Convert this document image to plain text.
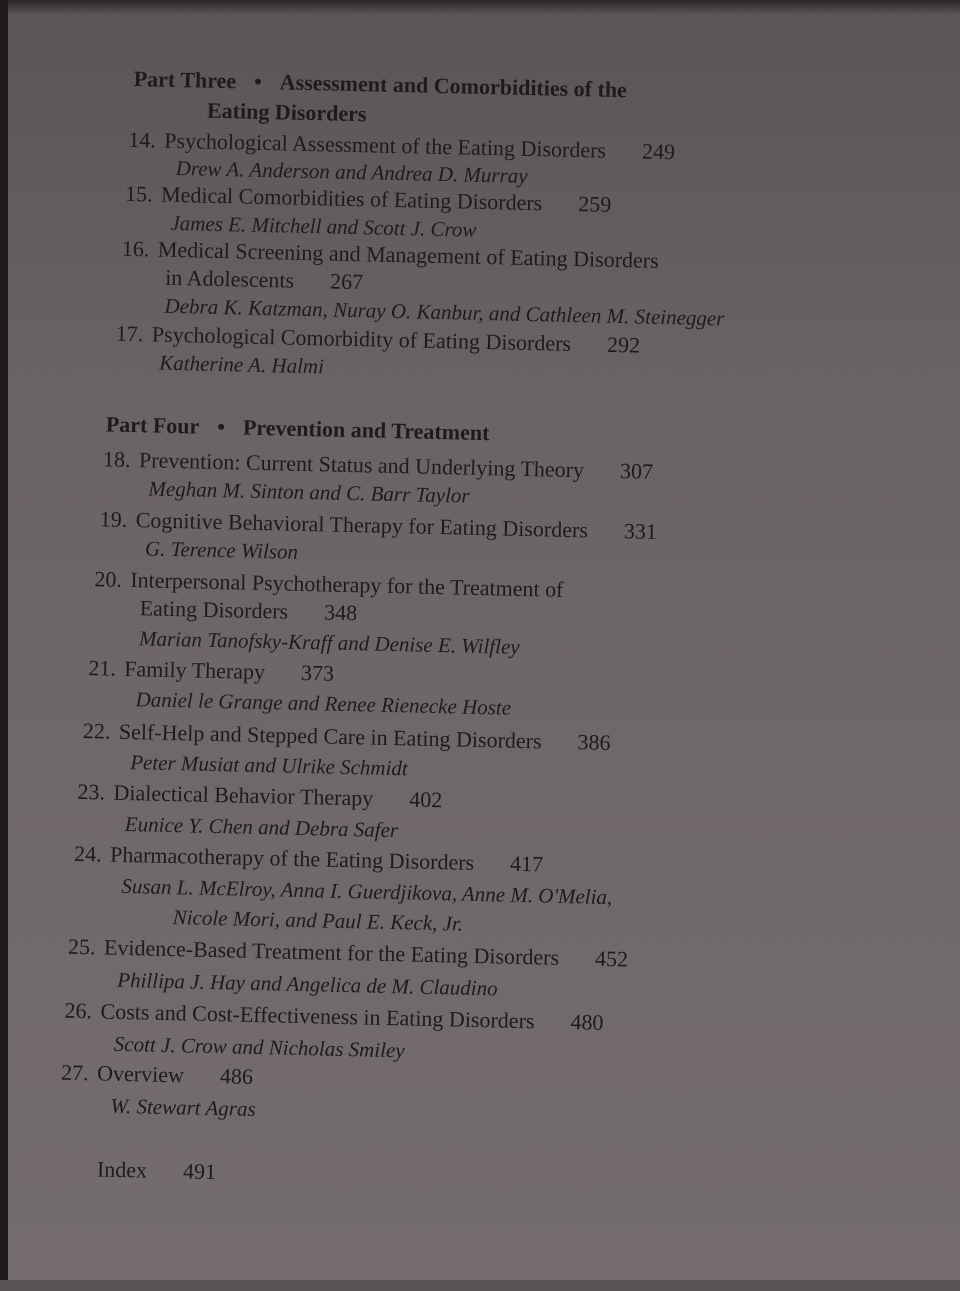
Part Three • Assessment and Comorbidities of the
Eating Disorders
14. Psychological Assessment of the Eating Disorders 249
Drew A. Anderson and Andrea D. Murray
15. Medical Comorbidities of Eating Disorders 259
James E. Mitchell and Scott J. Crow
16. Medical Screening and Management of Eating Disorders
in Adolescents 267
Debra K. Katzman, Nuray O. Kanbur, and Cathleen M. Steinegger
17. Psychological Comorbidity of Eating Disorders 292
Katherine A. Halmi
Part Four • Prevention and Treatment
18. Prevention: Current Status and Underlying Theory 307
Meghan M. Sinton and C. Barr Taylor
19. Cognitive Behavioral Therapy for Eating Disorders 331
G. Terence Wilson
20. Interpersonal Psychotherapy for the Treatment of
Eating Disorders 348
Marian Tanofsky-Kraff and Denise E. Wilfley
21. Family Therapy 373
Daniel le Grange and Renee Rienecke Hoste
22. Self-Help and Stepped Care in Eating Disorders 386
Peter Musiat and Ulrike Schmidt
23. Dialectical Behavior Therapy 402
Eunice Y. Chen and Debra Safer
24. Pharmacotherapy of the Eating Disorders 417
Susan L. McElroy, Anna I. Guerdjikova, Anne M. O'Melia,
Nicole Mori, and Paul E. Keck, Jr.
25. Evidence-Based Treatment for the Eating Disorders 452
Phillipa J. Hay and Angelica de M. Claudino
26. Costs and Cost-Effectiveness in Eating Disorders 480
Scott J. Crow and Nicholas Smiley
27. Overview 486
W. Stewart Agras
Index 491
